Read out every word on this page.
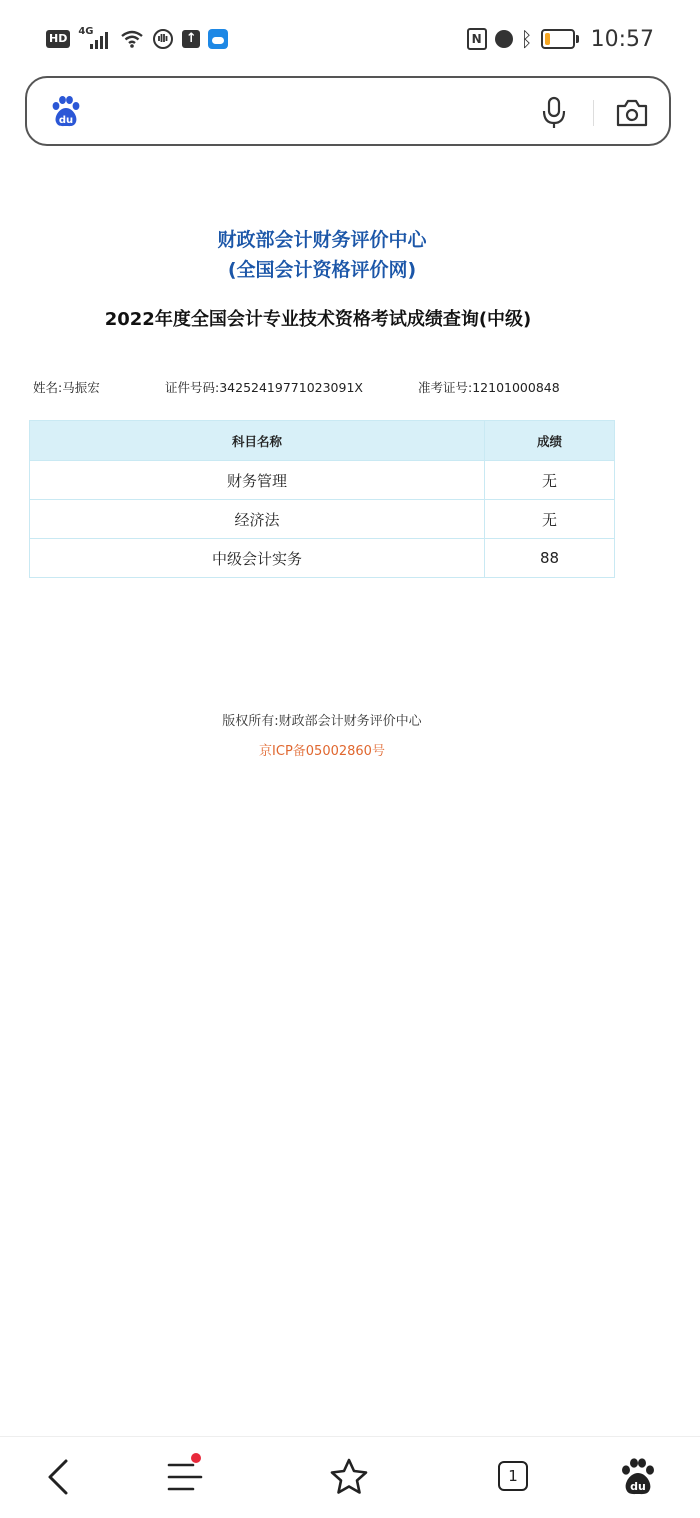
HD
4G	↑	N ᛒ	10:57
du
财政部会计财务评价中心
(全国会计资格评价网)
2022年度全国会计专业技术资格考试成绩查询(中级)
姓名:马振宏	证件号码:34252419771023091X	准考证号:12101000848
科目名称	成绩
财务管理	无
经济法	无
中级会计实务	88
版权所有:财政部会计财务评价中心
京ICP备05002860号
1
du
